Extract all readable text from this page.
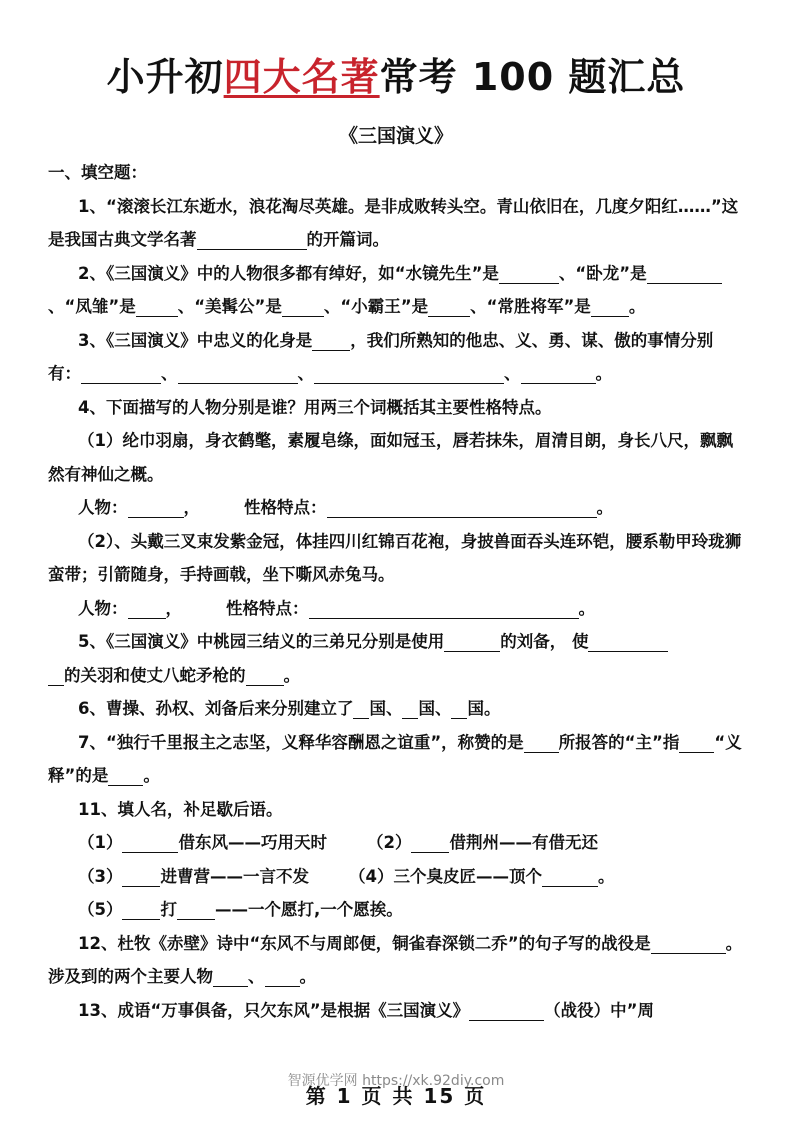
小升初四大名著常考 100 题汇总
《三国演义》

一、填空题：

1、“滚滚长江东逝水，浪花淘尽英雄。是非成败转头空。青山依旧在，几度夕阳红……”这是我国古典文学名著	的开篇词。

2、《三国演义》中的人物很多都有绰好，如“水镜先生”是	、“卧龙”是、“凤雏”是	、“美髯公”是	、“小霸王”是	、“常胜将军”是 。

3、《三国演义》中忠义的化身是 ，我们所熟知的他忠、义、勇、谋、傲的事情分别有：	、	、	、	。

4、下面描写的人物分别是谁？用两三个词概括其主要性格特点。

（1）纶巾羽扇，身衣鹤氅，素履皂绦，面如冠玉，唇若抹朱，眉清目朗，身长八尺，飘飘然有神仙之概。

人物：	，	性格特点：	。

（2）、头戴三叉束发紫金冠，体挂四川红锦百花袍，身披兽面吞头连环铠，腰系勒甲玲珑狮蛮带；引箭随身，手持画戟，坐下嘶风赤兔马。

人物： ，	性格特点：	。

5、《三国演义》中桃园三结义的三弟兄分别是使用	的刘备， 使
的关羽和使丈八蛇矛枪的 。

6、曹操、孙权、刘备后来分别建立了 国、 国、 国。

7、“独行千里报主之志坚，义释华容酬恩之谊重”，称赞的是 所报答的“主”指 “义释”的是 。

11、填人名，补足歇后语。

（1）	借东风——巧用天时 （2） 借荆州——有借无还

（3） 进曹营——一言不发 （4）三个臭皮匠——顶个	。

（5） 打 ——一个愿打,一个愿挨。

12、杜牧《赤壁》诗中“东风不与周郎便，铜雀春深锁二乔”的句子写的战役是	。涉及到的两个主要人物 、 。

13、成语“万事俱备，只欠东风”是根据《三国演义》	（战役）中”周

智源优学网 https://xk.92diy.com
第 1 页 共 15 页
